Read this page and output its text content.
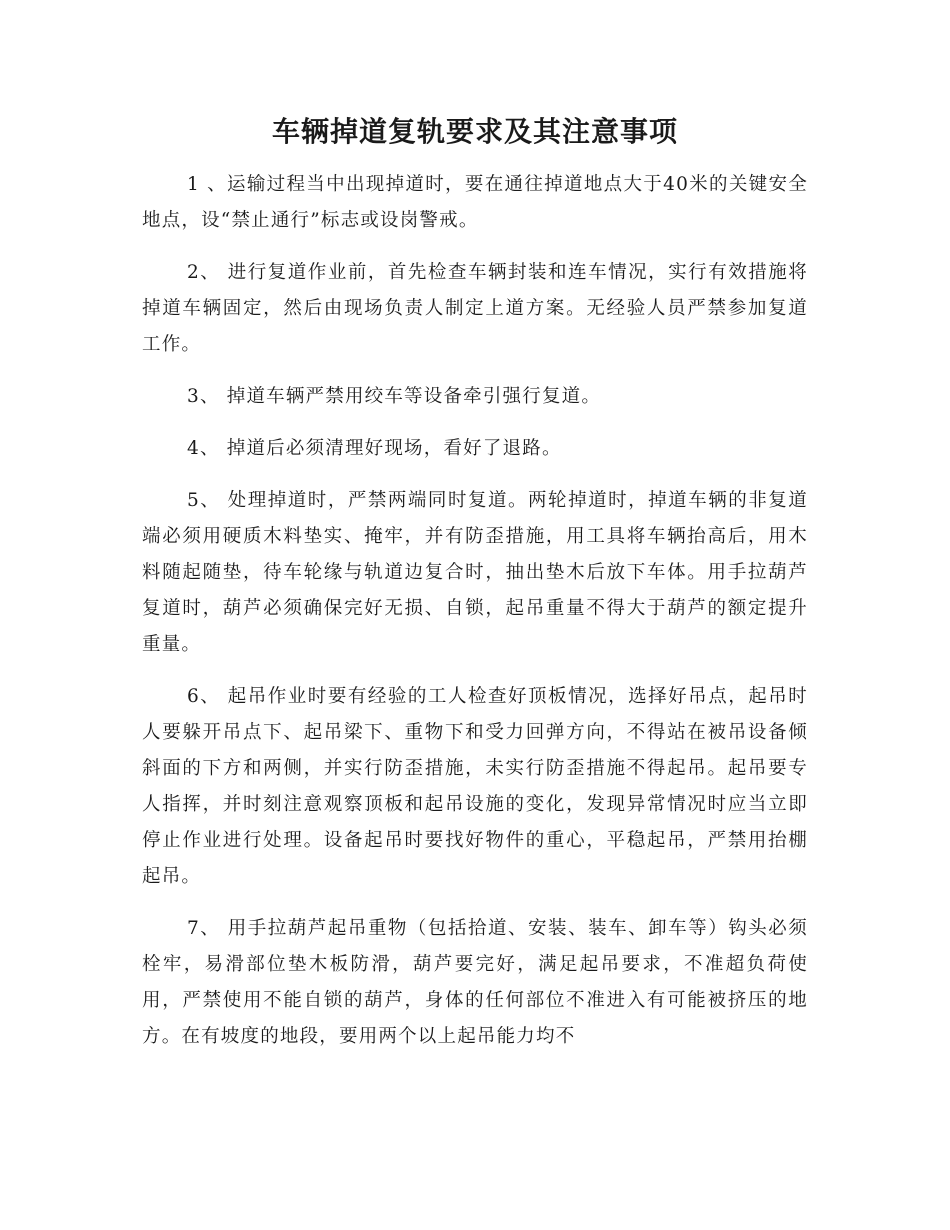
车辆掉道复轨要求及其注意事项

1 、运输过程当中出现掉道时，要在通往掉道地点大于40米的关键安全地点，设“禁止通行”标志或设岗警戒。

2、 进行复道作业前，首先检查车辆封装和连车情况，实行有效措施将掉道车辆固定，然后由现场负责人制定上道方案。无经验人员严禁参加复道工作。

3、 掉道车辆严禁用绞车等设备牵引强行复道。

4、 掉道后必须清理好现场，看好了退路。

5、 处理掉道时，严禁两端同时复道。两轮掉道时，掉道车辆的非复道端必须用硬质木料垫实、掩牢，并有防歪措施，用工具将车辆抬高后，用木料随起随垫，待车轮缘与轨道边复合时，抽出垫木后放下车体。用手拉葫芦复道时，葫芦必须确保完好无损、自锁，起吊重量不得大于葫芦的额定提升重量。

6、 起吊作业时要有经验的工人检查好顶板情况，选择好吊点，起吊时人要躲开吊点下、起吊梁下、重物下和受力回弹方向，不得站在被吊设备倾斜面的下方和两侧，并实行防歪措施，未实行防歪措施不得起吊。起吊要专人指挥，并时刻注意观察顶板和起吊设施的变化，发现异常情况时应当立即停止作业进行处理。设备起吊时要找好物件的重心，平稳起吊，严禁用抬棚起吊。

7、 用手拉葫芦起吊重物（包括拾道、安装、装车、卸车等）钩头必须栓牢，易滑部位垫木板防滑，葫芦要完好，满足起吊要求，不准超负荷使用，严禁使用不能自锁的葫芦，身体的任何部位不准进入有可能被挤压的地方。在有坡度的地段，要用两个以上起吊能力均不
